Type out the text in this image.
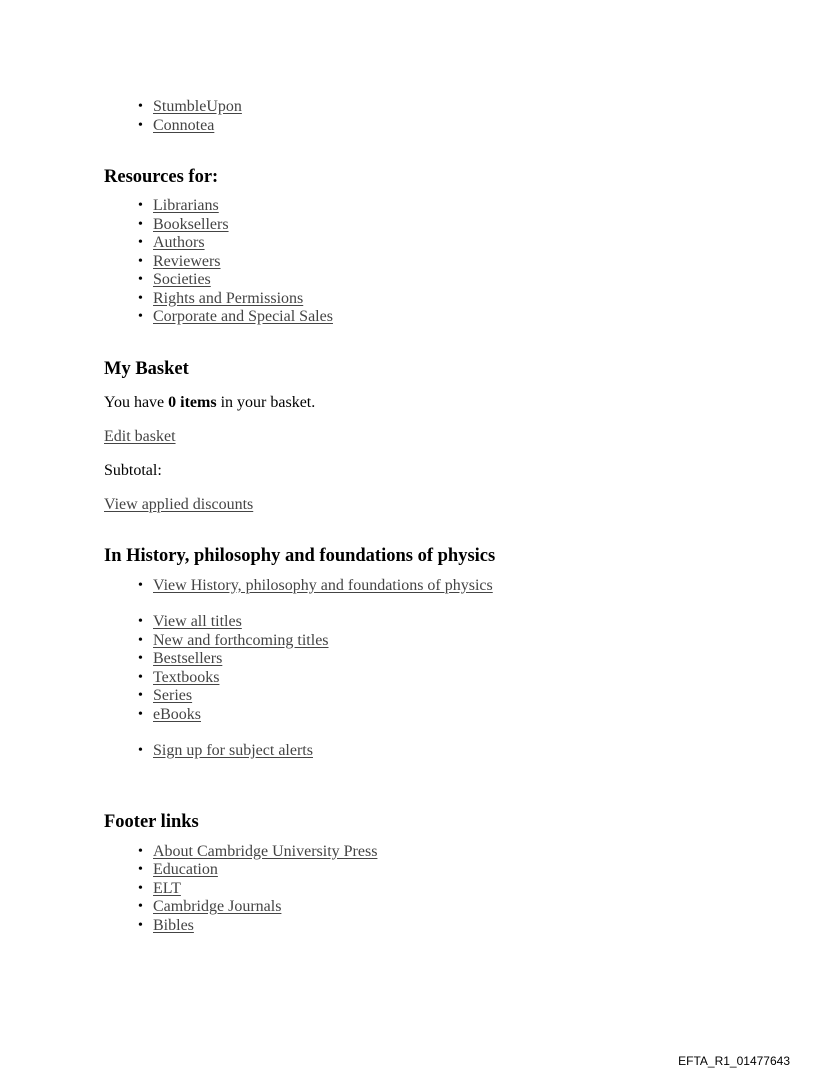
• StumbleUpon
• Connotea
Resources for:
• Librarians
• Booksellers
• Authors
• Reviewers
• Societies
• Rights and Permissions
• Corporate and Special Sales
My Basket

You have 0 items in your basket.

Edit basket

Subtotal:

View applied discounts

In History, philosophy and foundations of physics
• View History, philosophy and foundations of physics
• View all titles
• New and forthcoming titles
• Bestsellers
• Textbooks
• Series
• eBooks
• Sign up for subject alerts
Footer links
• About Cambridge University Press
• Education
• ELT
• Cambridge Journals
• Bibles
EFTA_R1_01477643
